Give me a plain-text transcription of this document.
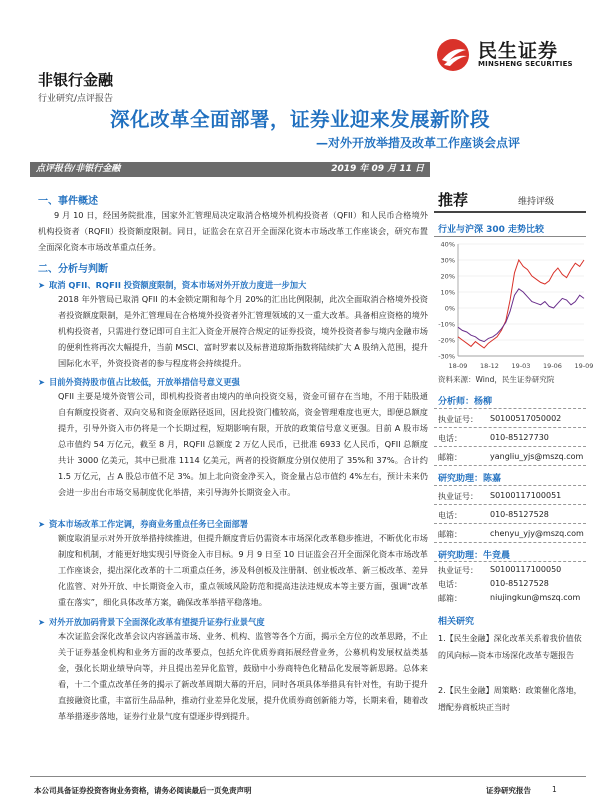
民生证券
MINSHENG SECURITIES
非银行金融
行业研究/点评报告
深化改革全面部署，证券业迎来发展新阶段
—对外开放举措及改革工作座谈会点评
点评报告/非银行金融	2019 年 09 月 11 日
推荐	维持评级
一、事件概述
9 月 10 日，经国务院批准，国家外汇管理局决定取消合格境外机构投资者（QFII）和人民币合格境外机构投资者（RQFII）投资额度限制。同日，证监会在京召开全面深化资本市场改革工作座谈会，研究布置全面深化资本市场改革重点任务。
二、分析与判断
➤ 取消 QFII、RQFII 投资额度限制，资本市场对外开放力度进一步加大
2018 年外管局已取消 QFII 的本金锁定期和每个月 20%的汇出比例限制，此次全面取消合格境外投资者投资额度限制，是外汇管理局在合格境外投资者外汇管理领域的又一重大改革。具备相应资格的境外机构投资者，只需进行登记即可自主汇入资金开展符合规定的证券投资，境外投资者参与境内金融市场的便利性将再次大幅提升，当前 MSCI、富时罗素以及标普道琼斯指数将陆续扩大 A 股纳入范围，提升国际化水平，外资投资者的参与程度将会持续提升。
➤ 目前外资持股市值占比较低，开放举措信号意义更强
QFII 主要是境外资管公司，即机构投资者由境内的单向投资交易，资金可留存在当地，不用于陆股通自有额度投资者、双向交易和资金原路径返回，因此投资门槛较高，资金管理难度也更大，即便总额度提升，引导外资入市仍将是一个长期过程，短期影响有限，开放的政策信号意义更强。目前 A 股市场总市值约 54 万亿元，截至 8 月，RQFII 总额度 2 万亿人民币，已批准 6933 亿人民币，QFII 总额度共计 3000 亿美元，其中已批准 1114 亿美元，两者的投资额度分别仅使用了 35%和 37%。合计约 1.5 万亿元，占 A 股总市值不足 3%。加上北向资金净买入，资金量占总市值约 4%左右，预计未来仍会进一步出台市场交易制度优化举措，来引导海外长期资金入市。
➤ 资本市场改革工作定调，券商业务重点任务已全面部署
额度取消显示对外开放举措持续推进，但提升额度背后仍需资本市场深化改革稳步推进，不断优化市场制度和机制，才能更好地实现引导资金入市目标。9 月 9 日至 10 日证监会召开全面深化资本市场改革工作座谈会，提出深化改革的十二项重点任务，涉及科创板及注册制、创业板改革、新三板改革、差异化监管、对外开放、中长期资金入市，重点领域风险防范和提高违法违规成本等主要方面，强调“改革重在落实”，细化具体改革方案，确保改革举措平稳落地。
➤ 对外开放加码背景下全面深化改革有望提升证券行业景气度
本次证监会深化改革会议内容涵盖市场、业务、机构、监管等各个方面，揭示全方位的改革思路，不止关于证券基金机构和业务方面的改革要点，包括允许优质券商拓展经营业务，公募机构发展权益类基金，强化长期业绩导向等，并且提出差异化监管，鼓励中小券商特色化精品化发展等新思路。总体来看，十二个重点改革任务的揭示了新改革周期大幕的开启，同时各项具体举措具有针对性，有助于提升直接融资比重，丰富衍生品品种，推动行业差异化发展，提升优质券商创新能力等，长期来看，随着改革举措逐步落地，证券行业景气度有望逐步得到提升。
行业与沪深 300 走势比较
40%
30%
20%
10%
0%
-10%
-20%
-30%
18-09 18-12 19-03 19-06 19-09
资料来源：Wind，民生证券研究院
分析师：杨柳
执业证号： S0100517050002
电话：	010-85127730
邮箱：	yangliu_yjs@mszq.com
研究助理：陈嘉
执业证号： S0100117100051
电话：	010-85127528
邮箱：	chenyu_yjy@mszq.com
研究助理：牛竞晨
执业证号： S0100117100050
电话：	010-85127528
邮箱：	niujingkun@mszq.com
相关研究
1.【民生金融】深化改革关系着我价值依的风向标—资本市场深化改革专题报告
2.【民生金融】周策略：政策催化落地，增配券商板块正当时
本公司具备证券投资咨询业务资格，请务必阅读最后一页免责声明	证券研究报告	1
